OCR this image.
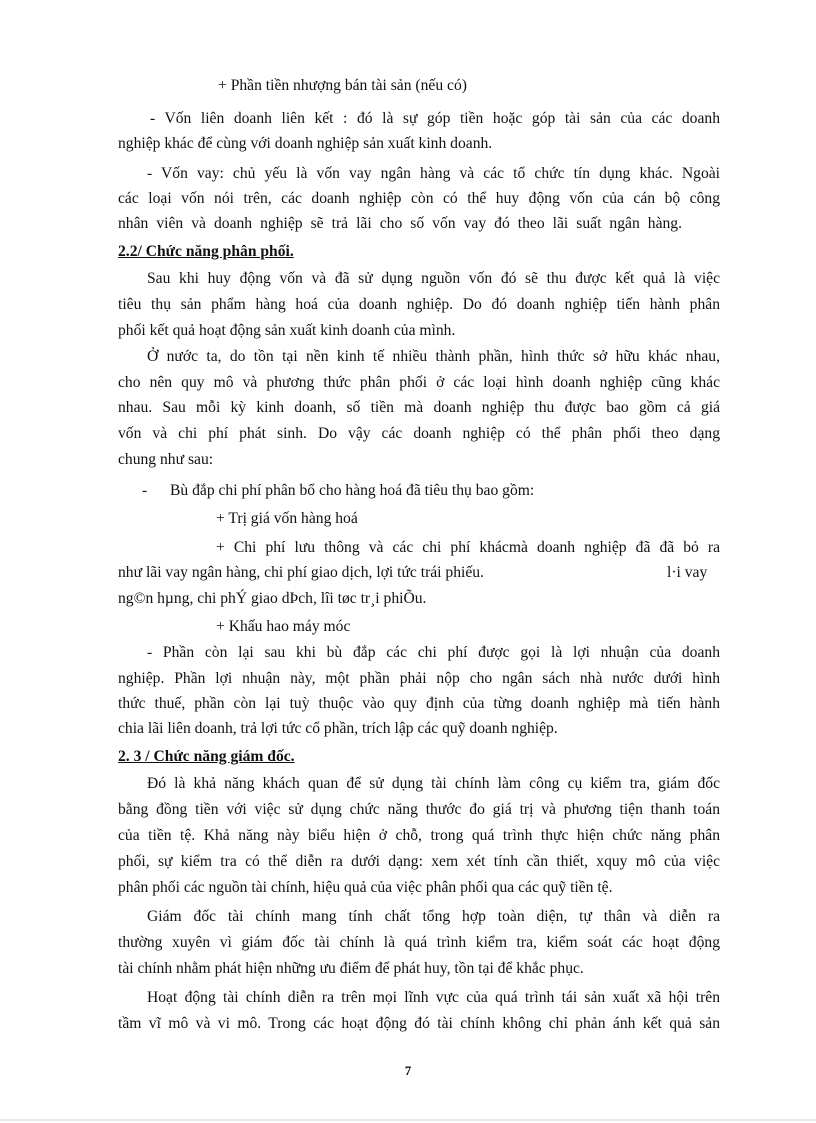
+ Phần tiền nhượng bán tài sản (nếu có)
- Vốn liên doanh liên kết : đó là sự góp tiền hoặc góp tài sản của các doanh
nghiệp khác để cùng với doanh nghiệp sản xuất kinh doanh.
- Vốn vay: chủ yếu là vốn vay ngân hàng và các tổ chức tín dụng khác. Ngoài
các loại vốn nói trên, các doanh nghiệp còn có thể huy động vốn của cán bộ công
nhân viên và doanh nghiệp sẽ trả lãi cho số vốn vay đó theo lãi suất ngân hàng.
2.2/ Chức năng phân phối.
Sau khi huy động vốn và đã sử dụng nguồn vốn đó sẽ thu được kết quả là việc
tiêu thụ sản phẩm hàng hoá của doanh nghiệp. Do đó doanh nghiệp tiến hành phân
phối kết quả hoạt động sản xuất kinh doanh của mình.
Ở nước ta, do tồn tại nền kinh tế nhiều thành phần, hình thức sở hữu khác nhau,
cho nên quy mô và phương thức phân phối ở các loại hình doanh nghiệp cũng khác
nhau. Sau mỗi kỳ kinh doanh, số tiền mà doanh nghiệp thu được bao gồm cả giá
vốn và chi phí phát sinh. Do vậy các doanh nghiệp có thể phân phối theo dạng
chung như sau:
- Bù đắp chi phí phân bổ cho hàng hoá đã tiêu thụ bao gồm:
+ Trị giá vốn hàng hoá
+ Chi phí lưu thông và các chi phí khácmà doanh nghiệp đã đã bỏ ra
như lãi vay ngân hàng, chi phí giao dịch, lợi tức trái phiếu.	l·i vay
ng©n hµng, chi phÝ giao dÞch, lîi tøc tr¸i phiÕu.
+ Khấu hao máy móc
- Phần còn lại sau khi bù đắp các chi phí được gọi là lợi nhuận của doanh
nghiệp. Phần lợi nhuận này, một phần phải nộp cho ngân sách nhà nước dưới hình
thức thuế, phần còn lại tuỳ thuộc vào quy định của từng doanh nghiệp mà tiến hành
chia lãi liên doanh, trả lợi tức cổ phần, trích lập các quỹ doanh nghiệp.
2. 3 / Chức năng giám đốc.
Đó là khả năng khách quan để sử dụng tài chính làm công cụ kiểm tra, giám đốc
bằng đồng tiền với việc sử dụng chức năng thước đo giá trị và phương tiện thanh toán
của tiền tệ. Khả năng này biểu hiện ở chỗ, trong quá trình thực hiện chức năng phân
phối, sự kiểm tra có thể diễn ra dưới dạng: xem xét tính cần thiết, xquy mô của việc
phân phối các nguồn tài chính, hiệu quả của việc phân phối qua các quỹ tiền tệ.
Giám đốc tài chính mang tính chất tổng hợp toàn diện, tự thân và diễn ra
thường xuyên vì giám đốc tài chính là quá trình kiểm tra, kiểm soát các hoạt động
tài chính nhằm phát hiện những ưu điểm để phát huy, tồn tại để khắc phục.
Hoạt động tài chính diễn ra trên mọi lĩnh vực của quá trình tái sản xuất xã hội trên
tầm vĩ mô và vi mô. Trong các hoạt động đó tài chính không chỉ phản ánh kết quả sản
7
